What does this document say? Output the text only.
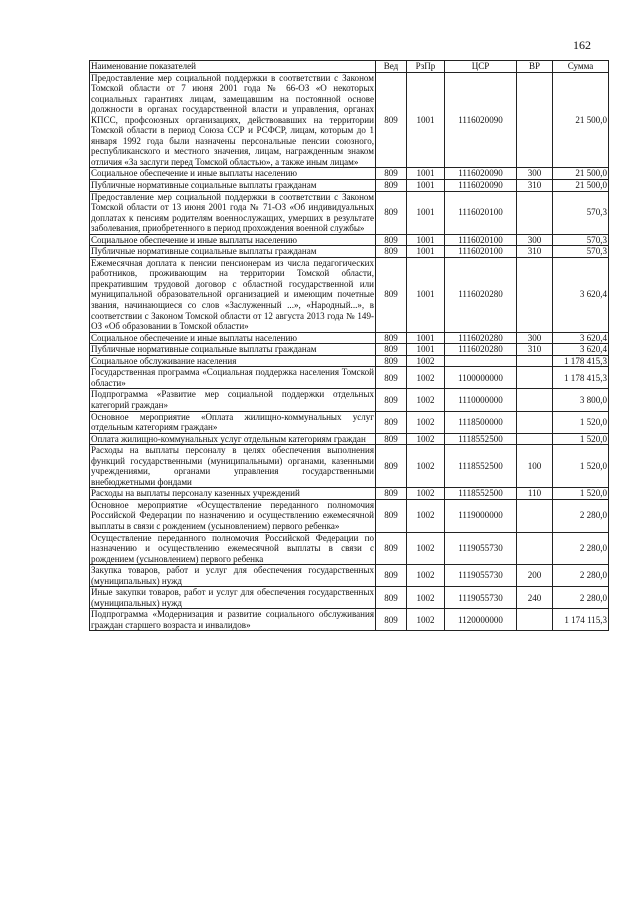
162
Наименование показателей	Вед	РзПр	ЦСР	ВР	Сумма
Предоставление мер социальной поддержки в соответствии с Законом Томской области от 7 июня 2001 года № 66-ОЗ «О некоторых социальных гарантиях лицам, замещавшим на постоянной основе должности в органах государственной власти и управления, органах КПСС, профсоюзных организациях, действовавших на территории Томской области в период Союза ССР и РСФСР, лицам, которым до 1 января 1992 года были назначены персональные пенсии союзного, республиканского и местного значения, лицам, награжденным знаком отличия «За заслуги перед Томской областью», а также иным лицам»	809	1001	1116020090		21 500,0
Социальное обеспечение и иные выплаты населению	809	1001	1116020090	300	21 500,0
Публичные нормативные социальные выплаты гражданам	809	1001	1116020090	310	21 500,0
Предоставление мер социальной поддержки в соответствии с Законом Томской области от 13 июня 2001 года № 71-ОЗ «Об индивидуальных доплатах к пенсиям родителям военнослужащих, умерших в результате заболевания, приобретенного в период прохождения военной службы»	809	1001	1116020100		570,3
Социальное обеспечение и иные выплаты населению	809	1001	1116020100	300	570,3
Публичные нормативные социальные выплаты гражданам	809	1001	1116020100	310	570,3
Ежемесячная доплата к пенсии пенсионерам из числа педагогических работников, проживающим на территории Томской области, прекратившим трудовой договор с областной государственной или муниципальной образовательной организацией и имеющим почетные звания, начинающиеся со слов «Заслуженный ...», «Народный...», в соответствии с Законом Томской области от 12 августа 2013 года № 149-ОЗ «Об образовании в Томской области»	809	1001	1116020280		3 620,4
Социальное обеспечение и иные выплаты населению	809	1001	1116020280	300	3 620,4
Публичные нормативные социальные выплаты гражданам	809	1001	1116020280	310	3 620,4
Социальное обслуживание населения	809	1002			1 178 415,3
Государственная программа «Социальная поддержка населения Томской области»	809	1002	1100000000		1 178 415,3
Подпрограмма «Развитие мер социальной поддержки отдельных категорий граждан»	809	1002	1110000000		3 800,0
Основное мероприятие «Оплата жилищно-коммунальных услуг отдельным категориям граждан»	809	1002	1118500000		1 520,0
Оплата жилищно-коммунальных услуг отдельным категориям граждан	809	1002	1118552500		1 520,0
Расходы на выплаты персоналу в целях обеспечения выполнения функций государственными (муниципальными) органами, казенными учреждениями, органами управления государственными внебюджетными фондами	809	1002	1118552500	100	1 520,0
Расходы на выплаты персоналу казенных учреждений	809	1002	1118552500	110	1 520,0
Основное мероприятие «Осуществление переданного полномочия Российской Федерации по назначению и осуществлению ежемесячной выплаты в связи с рождением (усыновлением) первого ребенка»	809	1002	1119000000		2 280,0
Осуществление переданного полномочия Российской Федерации по назначению и осуществлению ежемесячной выплаты в связи с рождением (усыновлением) первого ребенка	809	1002	1119055730		2 280,0
Закупка товаров, работ и услуг для обеспечения государственных (муниципальных) нужд	809	1002	1119055730	200	2 280,0
Иные закупки товаров, работ и услуг для обеспечения государственных (муниципальных) нужд	809	1002	1119055730	240	2 280,0
Подпрограмма «Модернизация и развитие социального обслуживания граждан старшего возраста и инвалидов»	809	1002	1120000000		1 174 115,3
